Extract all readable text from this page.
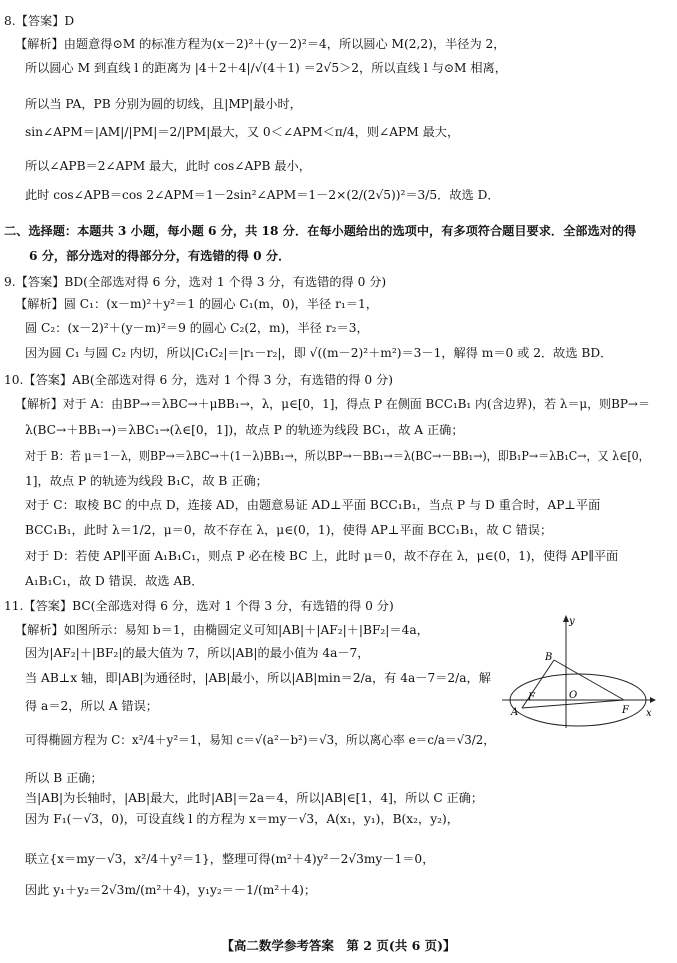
8.【答案】D
【解析】由题意得⊙M 的标准方程为(x－2)²＋(y－2)²＝4，所以圆心 M(2,2)，半径为 2，
所以圆心 M 到直线 l 的距离为 |4＋2＋4|/√(4＋1) ＝2√5＞2，所以直线 l 与⊙M 相离，
所以当 PA，PB 分别为圆的切线，且|MP|最小时，
sin∠APM＝|AM|/|PM|＝2/|PM|最大，又 0＜∠APM＜π/4，则∠APM 最大，
所以∠APB＝2∠APM 最大，此时 cos∠APB 最小，
此时 cos∠APB＝cos 2∠APM＝1－2sin²∠APM＝1－2×(2/(2√5))²＝3/5．故选 D．
二、选择题：本题共 3 小题，每小题 6 分，共 18 分．在每小题给出的选项中，有多项符合题目要求．全部选对的得
6 分，部分选对的得部分分，有选错的得 0 分．
9.【答案】BD(全部选对得 6 分，选对 1 个得 3 分，有选错的得 0 分)
【解析】圆 C₁：(x－m)²＋y²＝1 的圆心 C₁(m，0)，半径 r₁＝1，
圆 C₂：(x－2)²＋(y－m)²＝9 的圆心 C₂(2，m)，半径 r₂＝3，
因为圆 C₁ 与圆 C₂ 内切，所以|C₁C₂|＝|r₁－r₂|，即 √((m－2)²＋m²)＝3－1，解得 m＝0 或 2．故选 BD．
10.【答案】AB(全部选对得 6 分，选对 1 个得 3 分，有选错的得 0 分)
【解析】对于 A：由BP→＝λBC→＋μBB₁→，λ，μ∈[0，1]，得点 P 在侧面 BCC₁B₁ 内(含边界)，若 λ＝μ，则BP→＝
λ(BC→＋BB₁→)＝λBC₁→(λ∈[0，1])，故点 P 的轨迹为线段 BC₁，故 A 正确；
对于 B：若 μ＝1－λ，则BP→＝λBC→＋(1－λ)BB₁→，所以BP→－BB₁→＝λ(BC→－BB₁→)，即B₁P→＝λB₁C→，又 λ∈[0，
1]，故点 P 的轨迹为线段 B₁C，故 B 正确；
对于 C：取棱 BC 的中点 D，连接 AD，由题意易证 AD⊥平面 BCC₁B₁，当点 P 与 D 重合时，AP⊥平面
BCC₁B₁，此时 λ＝1/2，μ＝0，故不存在 λ，μ∈(0，1)，使得 AP⊥平面 BCC₁B₁，故 C 错误；
对于 D：若使 AP∥平面 A₁B₁C₁，则点 P 必在棱 BC 上，此时 μ＝0，故不存在 λ，μ∈(0，1)，使得 AP∥平面
A₁B₁C₁，故 D 错误．故选 AB．
11.【答案】BC(全部选对得 6 分，选对 1 个得 3 分，有选错的得 0 分)
【解析】如图所示：易知 b＝1，由椭圆定义可知|AB|＋|AF₂|＋|BF₂|＝4a，
因为|AF₂|＋|BF₂|的最大值为 7，所以|AB|的最小值为 4a－7，
当 AB⊥x 轴，即|AB|为通径时，|AB|最小，所以|AB|min＝2/a，有 4a－7＝2/a，解
得 a＝2，所以 A 错误；
可得椭圆方程为 C：x²/4＋y²＝1，易知 c＝√(a²－b²)＝√3，所以离心率 e＝c/a＝√3/2，
所以 B 正确；
当|AB|为长轴时，|AB|最大，此时|AB|＝2a＝4，所以|AB|∈[1，4]，所以 C 正确；
因为 F₁(－√3，0)，可设直线 l 的方程为 x＝my－√3，A(x₁，y₁)，B(x₂，y₂)，
联立{x＝my－√3，x²/4＋y²＝1}，整理可得(m²＋4)y²－2√3my－1＝0，
因此 y₁＋y₂＝2√3m/(m²＋4)，y₁y₂＝－1/(m²＋4)；
y
x
B
O
F
A
F
【高二数学参考答案　第 2 页(共 6 页)】
